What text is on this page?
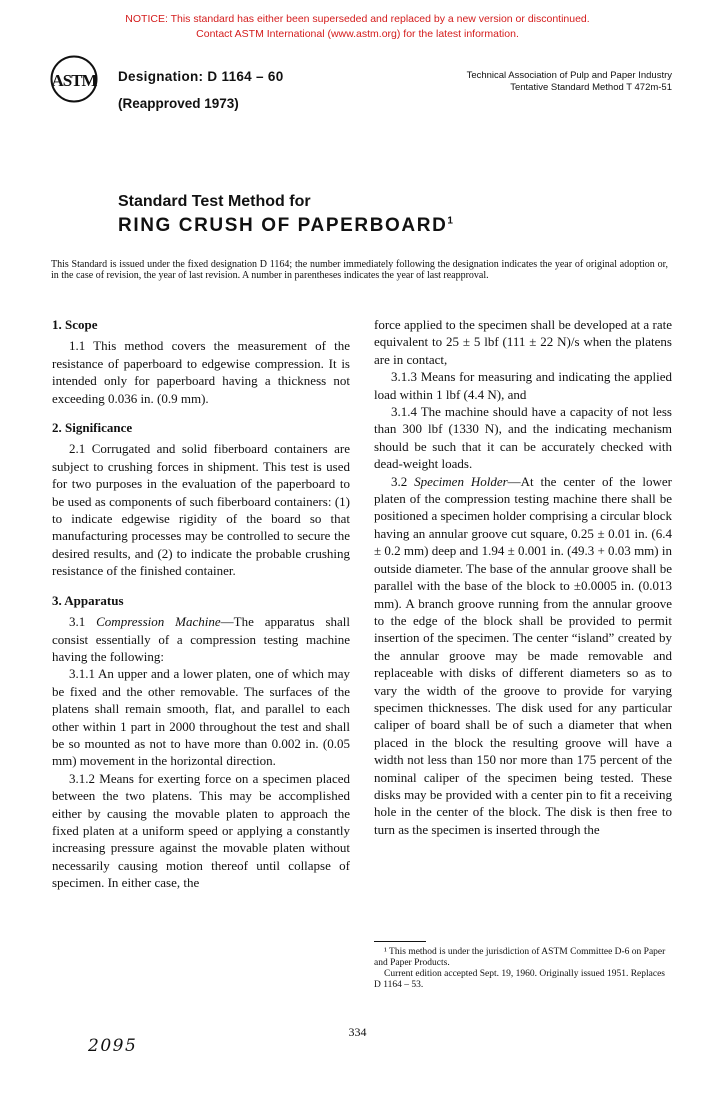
NOTICE: This standard has either been superseded and replaced by a new version or discontinued.
Contact ASTM International (www.astm.org) for the latest information.
ASTM Designation: D 1164 – 60
(Reapproved 1973)
Technical Association of Pulp and Paper Industry
Tentative Standard Method T 472m-51
Standard Test Method for
RING CRUSH OF PAPERBOARD$^1$
This Standard is issued under the fixed designation D 1164; the number immediately following the designation indicates the year of original adoption or, in the case of revision, the year of last revision. A number in parentheses indicates the year of last reapproval.
1. Scope

1.1 This method covers the measurement of the resistance of paperboard to edgewise compression. It is intended only for paperboard having a thickness not exceeding 0.036 in. (0.9 mm).

2. Significance

2.1 Corrugated and solid fiberboard containers are subject to crushing forces in shipment. This test is used for two purposes in the evaluation of the paperboard to be used as components of such fiberboard containers: (1) to indicate edgewise rigidity of the board so that manufacturing processes may be controlled to secure the desired results, and (2) to indicate the probable crushing resistance of the finished container.

3. Apparatus

3.1 Compression Machine—The apparatus shall consist essentially of a compression testing machine having the following:

3.1.1 An upper and a lower platen, one of which may be fixed and the other removable. The surfaces of the platens shall remain smooth, flat, and parallel to each other within 1 part in 2000 throughout the test and shall be so mounted as not to have more than 0.002 in. (0.05 mm) movement in the horizontal direction.

3.1.2 Means for exerting force on a specimen placed between the two platens. This may be accomplished either by causing the movable platen to approach the fixed platen at a uniform speed or applying a constantly increasing pressure against the movable platen without necessarily causing motion thereof until collapse of specimen. In either case, the

force applied to the specimen shall be developed at a rate equivalent to 25 ± 5 lbf (111 ± 22 N)/s when the platens are in contact,

3.1.3 Means for measuring and indicating the applied load within 1 lbf (4.4 N), and

3.1.4 The machine should have a capacity of not less than 300 lbf (1330 N), and the indicating mechanism should be such that it can be accurately checked with dead-weight loads.

3.2 Specimen Holder—At the center of the lower platen of the compression testing machine there shall be positioned a specimen holder comprising a circular block having an annular groove cut square, 0.25 ± 0.01 in. (6.4 ± 0.2 mm) deep and 1.94 ± 0.001 in. (49.3 + 0.03 mm) in outside diameter. The base of the annular groove shall be parallel with the base of the block to ±0.0005 in. (0.013 mm). A branch groove running from the annular groove to the edge of the block shall be provided to permit insertion of the specimen. The center “island” created by the annular groove may be made removable and replaceable with disks of different diameters so as to vary the width of the groove to provide for varying specimen thicknesses. The disk used for any particular caliper of board shall be of such a diameter that when placed in the block the resulting groove will have a width not less than 150 nor more than 175 percent of the nominal caliper of the specimen being tested. These disks may be provided with a center pin to fit a receiving hole in the center of the block. The disk is then free to turn as the specimen is inserted through the

¹ This method is under the jurisdiction of ASTM Committee D-6 on Paper and Paper Products.
Current edition accepted Sept. 19, 1960. Originally issued 1951. Replaces D 1164 – 53.
334
2095
